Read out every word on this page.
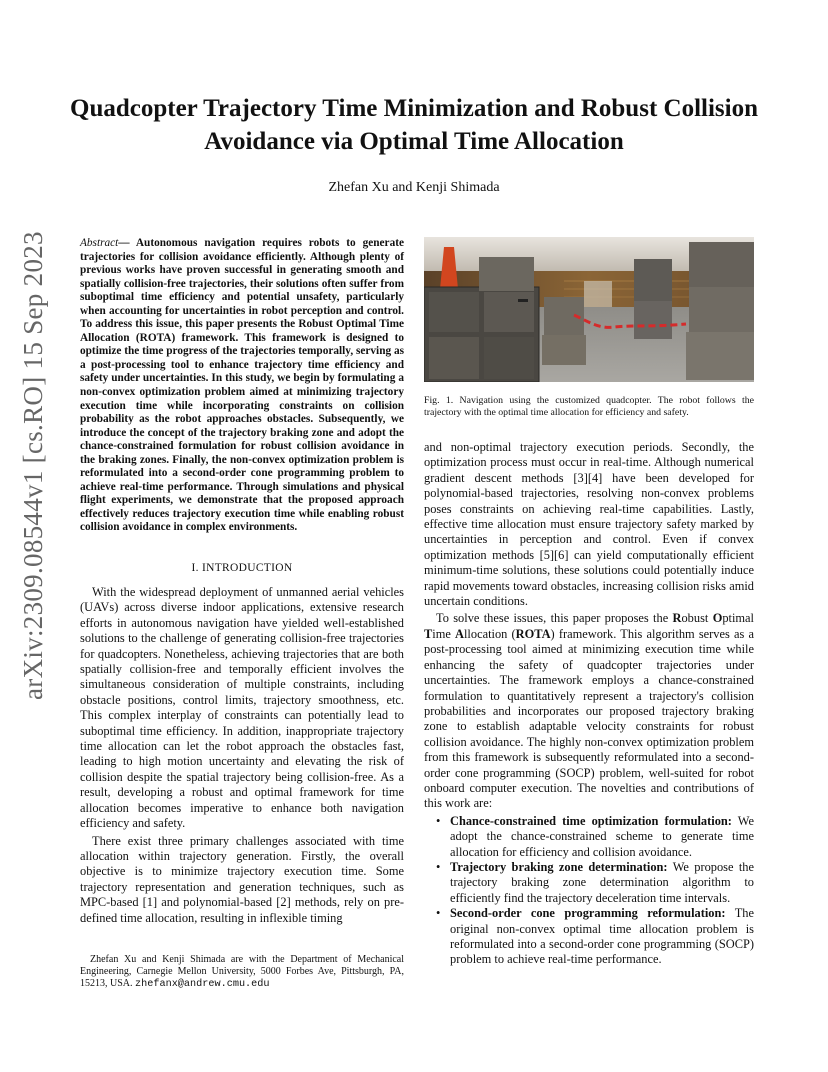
arXiv:2309.08544v1 [cs.RO] 15 Sep 2023
Quadcopter Trajectory Time Minimization and Robust Collision Avoidance via Optimal Time Allocation
Zhefan Xu and Kenji Shimada
Abstract— Autonomous navigation requires robots to generate trajectories for collision avoidance efficiently. Although plenty of previous works have proven successful in generating smooth and spatially collision-free trajectories, their solutions often suffer from suboptimal time efficiency and potential unsafety, particularly when accounting for uncertainties in robot perception and control. To address this issue, this paper presents the Robust Optimal Time Allocation (ROTA) framework. This framework is designed to optimize the time progress of the trajectories temporally, serving as a post-processing tool to enhance trajectory time efficiency and safety under uncertainties. In this study, we begin by formulating a non-convex optimization problem aimed at minimizing trajectory execution time while incorporating constraints on collision probability as the robot approaches obstacles. Subsequently, we introduce the concept of the trajectory braking zone and adopt the chance-constrained formulation for robust collision avoidance in the braking zones. Finally, the non-convex optimization problem is reformulated into a second-order cone programming problem to achieve real-time performance. Through simulations and physical flight experiments, we demonstrate that the proposed approach effectively reduces trajectory execution time while enabling robust collision avoidance in complex environments.
I. INTRODUCTION

With the widespread deployment of unmanned aerial vehicles (UAVs) across diverse indoor applications, extensive research efforts in autonomous navigation have yielded well-established solutions to the challenge of generating collision-free trajectories for quadcopters. Nonetheless, achieving trajectories that are both spatially collision-free and temporally efficient involves the simultaneous consideration of multiple constraints, including obstacle positions, control limits, trajectory smoothness, etc. This complex interplay of constraints can potentially lead to suboptimal time efficiency. In addition, inappropriate trajectory time allocation can let the robot approach the obstacles fast, leading to high motion uncertainty and elevating the risk of collision despite the spatial trajectory being collision-free. As a result, developing a robust and optimal framework for time allocation becomes imperative to enhance both navigation efficiency and safety.

There exist three primary challenges associated with time allocation within trajectory generation. Firstly, the overall objective is to minimize trajectory execution time. Some trajectory representation and generation techniques, such as MPC-based [1] and polynomial-based [2] methods, rely on pre-defined time allocation, resulting in inflexible timing

Zhefan Xu and Kenji Shimada are with the Department of Mechanical Engineering, Carnegie Mellon University, 5000 Forbes Ave, Pittsburgh, PA, 15213, USA. zhefanx@andrew.cmu.edu

Fig. 1. Navigation using the customized quadcopter. The robot follows the trajectory with the optimal time allocation for efficiency and safety.

and non-optimal trajectory execution periods. Secondly, the optimization process must occur in real-time. Although numerical gradient descent methods [3][4] have been developed for polynomial-based trajectories, resolving non-convex problems poses constraints on achieving real-time capabilities. Lastly, effective time allocation must ensure trajectory safety marked by uncertainties in perception and control. Even if convex optimization methods [5][6] can yield computationally efficient minimum-time solutions, these solutions could potentially induce rapid movements toward obstacles, increasing collision risks amid uncertain conditions.

To solve these issues, this paper proposes the Robust Optimal Time Allocation (ROTA) framework. This algorithm serves as a post-processing tool aimed at minimizing execution time while enhancing the safety of quadcopter trajectories under uncertainties. The framework employs a chance-constrained formulation to quantitatively represent a trajectory's collision probabilities and incorporates our proposed trajectory braking zone to establish adaptable velocity constraints for robust collision avoidance. The highly non-convex optimization problem from this framework is subsequently reformulated into a second-order cone programming (SOCP) problem, well-suited for robot onboard computer execution. The novelties and contributions of this work are:

• Chance-constrained time optimization formulation: We adopt the chance-constrained scheme to generate time allocation for efficiency and collision avoidance.
• Trajectory braking zone determination: We propose the trajectory braking zone determination algorithm to efficiently find the trajectory deceleration time intervals.
• Second-order cone programming reformulation: The original non-convex optimal time allocation problem is reformulated into a second-order cone programming (SOCP) problem to achieve real-time performance.
